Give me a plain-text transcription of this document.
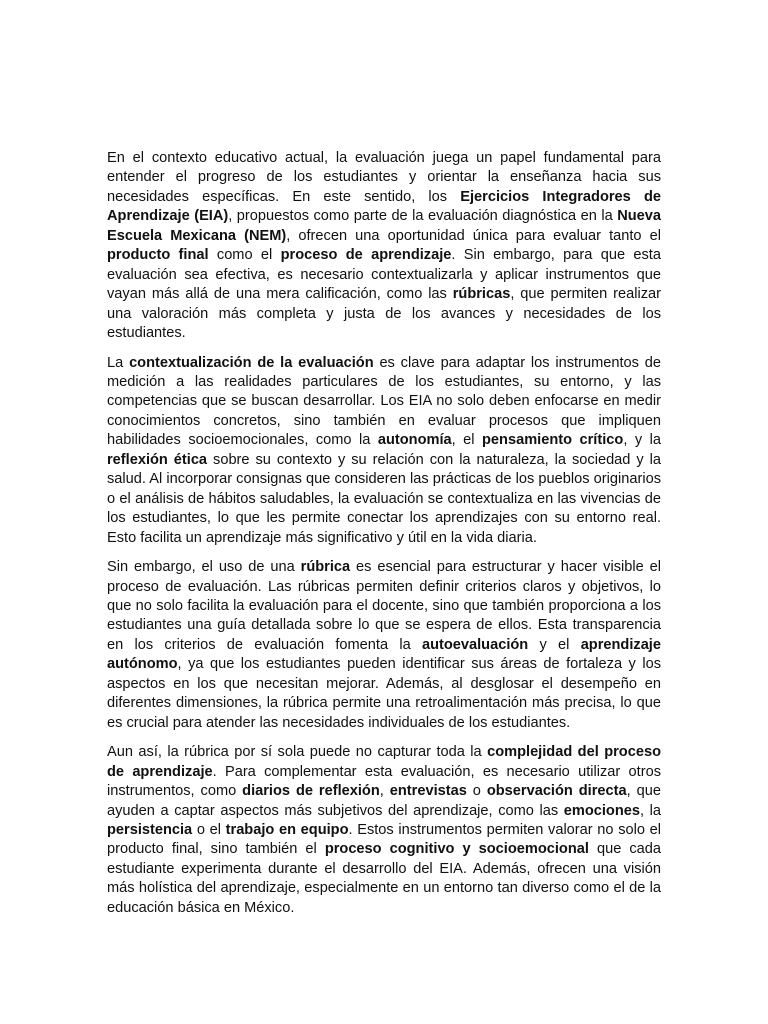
En el contexto educativo actual, la evaluación juega un papel fundamental para entender el progreso de los estudiantes y orientar la enseñanza hacia sus necesidades específicas. En este sentido, los Ejercicios Integradores de Aprendizaje (EIA), propuestos como parte de la evaluación diagnóstica en la Nueva Escuela Mexicana (NEM), ofrecen una oportunidad única para evaluar tanto el producto final como el proceso de aprendizaje. Sin embargo, para que esta evaluación sea efectiva, es necesario contextualizarla y aplicar instrumentos que vayan más allá de una mera calificación, como las rúbricas, que permiten realizar una valoración más completa y justa de los avances y necesidades de los estudiantes.

La contextualización de la evaluación es clave para adaptar los instrumentos de medición a las realidades particulares de los estudiantes, su entorno, y las competencias que se buscan desarrollar. Los EIA no solo deben enfocarse en medir conocimientos concretos, sino también en evaluar procesos que impliquen habilidades socioemocionales, como la autonomía, el pensamiento crítico, y la reflexión ética sobre su contexto y su relación con la naturaleza, la sociedad y la salud. Al incorporar consignas que consideren las prácticas de los pueblos originarios o el análisis de hábitos saludables, la evaluación se contextualiza en las vivencias de los estudiantes, lo que les permite conectar los aprendizajes con su entorno real. Esto facilita un aprendizaje más significativo y útil en la vida diaria.

Sin embargo, el uso de una rúbrica es esencial para estructurar y hacer visible el proceso de evaluación. Las rúbricas permiten definir criterios claros y objetivos, lo que no solo facilita la evaluación para el docente, sino que también proporciona a los estudiantes una guía detallada sobre lo que se espera de ellos. Esta transparencia en los criterios de evaluación fomenta la autoevaluación y el aprendizaje autónomo, ya que los estudiantes pueden identificar sus áreas de fortaleza y los aspectos en los que necesitan mejorar. Además, al desglosar el desempeño en diferentes dimensiones, la rúbrica permite una retroalimentación más precisa, lo que es crucial para atender las necesidades individuales de los estudiantes.

Aun así, la rúbrica por sí sola puede no capturar toda la complejidad del proceso de aprendizaje. Para complementar esta evaluación, es necesario utilizar otros instrumentos, como diarios de reflexión, entrevistas o observación directa, que ayuden a captar aspectos más subjetivos del aprendizaje, como las emociones, la persistencia o el trabajo en equipo. Estos instrumentos permiten valorar no solo el producto final, sino también el proceso cognitivo y socioemocional que cada estudiante experimenta durante el desarrollo del EIA. Además, ofrecen una visión más holística del aprendizaje, especialmente en un entorno tan diverso como el de la educación básica en México.
